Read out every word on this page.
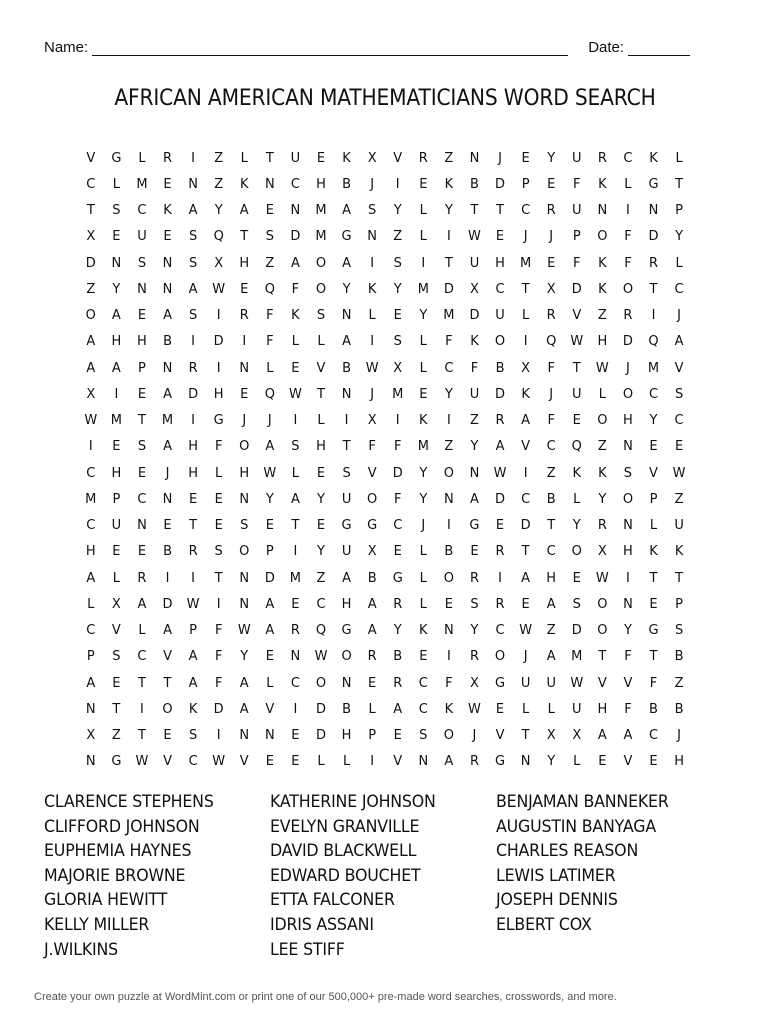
Name:	Date:
AFRICAN AMERICAN MATHEMATICIANS WORD SEARCH
V	G	L	R	I	Z	L	T	U	E	K	X	V	R	Z	N	J	E	Y	U	R	C	K	L
C	L	M	E	N	Z	K	N	C	H	B	J	I	E	K	B	D	P	E	F	K	L	G	T
T	S	C	K	A	Y	A	E	N	M	A	S	Y	L	Y	T	T	C	R	U	N	I	N	P
X	E	U	E	S	Q	T	S	D	M	G	N	Z	L	I	W	E	J	J	P	O	F	D	Y
D	N	S	N	S	X	H	Z	A	O	A	I	S	I	T	U	H	M	E	F	K	F	R	L
Z	Y	N	N	A	W	E	Q	F	O	Y	K	Y	M	D	X	C	T	X	D	K	O	T	C
O	A	E	A	S	I	R	F	K	S	N	L	E	Y	M	D	U	L	R	V	Z	R	I	J
A	H	H	B	I	D	I	F	L	L	A	I	S	L	F	K	O	I	Q	W	H	D	Q	A
A	A	P	N	R	I	N	L	E	V	B	W	X	L	C	F	B	X	F	T	W	J	M	V
X	I	E	A	D	H	E	Q	W	T	N	J	M	E	Y	U	D	K	J	U	L	O	C	S
W	M	T	M	I	G	J	J	I	L	I	X	I	K	I	Z	R	A	F	E	O	H	Y	C
I	E	S	A	H	F	O	A	S	H	T	F	F	M	Z	Y	A	V	C	Q	Z	N	E	E
C	H	E	J	H	L	H	W	L	E	S	V	D	Y	O	N	W	I	Z	K	K	S	V	W
M	P	C	N	E	E	N	Y	A	Y	U	O	F	Y	N	A	D	C	B	L	Y	O	P	Z
C	U	N	E	T	E	S	E	T	E	G	G	C	J	I	G	E	D	T	Y	R	N	L	U
H	E	E	B	R	S	O	P	I	Y	U	X	E	L	B	E	R	T	C	O	X	H	K	K
A	L	R	I	I	T	N	D	M	Z	A	B	G	L	O	R	I	A	H	E	W	I	T	T
L	X	A	D	W	I	N	A	E	C	H	A	R	L	E	S	R	E	A	S	O	N	E	P
C	V	L	A	P	F	W	A	R	Q	G	A	Y	K	N	Y	C	W	Z	D	O	Y	G	S
P	S	C	V	A	F	Y	E	N	W	O	R	B	E	I	R	O	J	A	M	T	F	T	B
A	E	T	T	A	F	A	L	C	O	N	E	R	C	F	X	G	U	U	W	V	V	F	Z
N	T	I	O	K	D	A	V	I	D	B	L	A	C	K	W	E	L	L	U	H	F	B	B
X	Z	T	E	S	I	N	N	E	D	H	P	E	S	O	J	V	T	X	X	A	A	C	J
N	G	W	V	C	W	V	E	E	L	L	I	V	N	A	R	G	N	Y	L	E	V	E	H
CLARENCE STEPHENS	KATHERINE JOHNSON	BENJAMAN BANNEKER
CLIFFORD JOHNSON	EVELYN GRANVILLE	AUGUSTIN BANYAGA
EUPHEMIA HAYNES	DAVID BLACKWELL	CHARLES REASON
MAJORIE BROWNE	EDWARD BOUCHET	LEWIS LATIMER
GLORIA HEWITT	ETTA FALCONER	JOSEPH DENNIS
KELLY MILLER	IDRIS ASSANI	ELBERT COX
J.WILKINS	LEE STIFF
Create your own puzzle at WordMint.com or print one of our 500,000+ pre-made word searches, crosswords, and more.
